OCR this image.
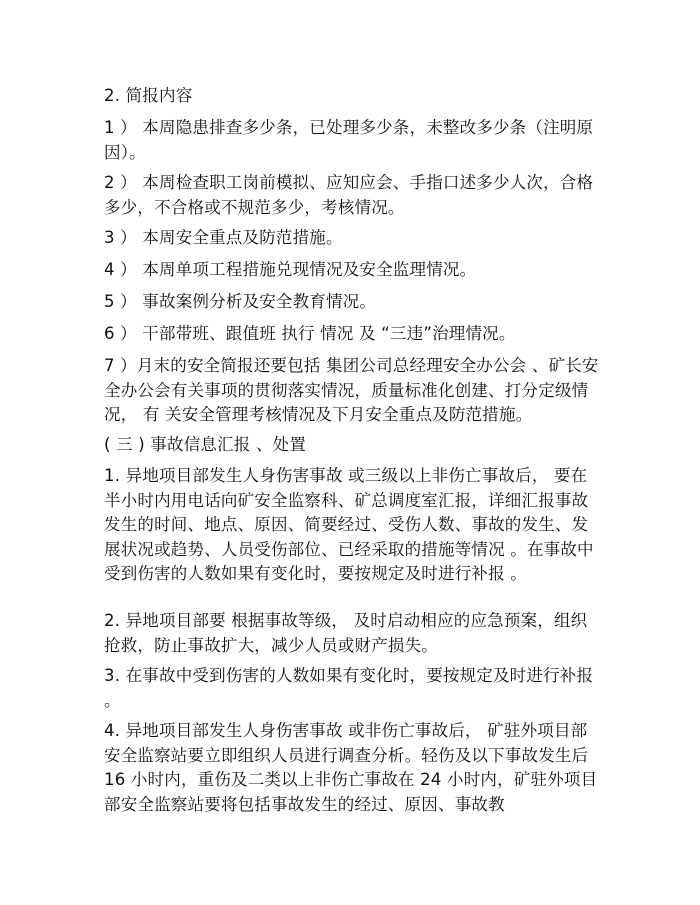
2. 简报内容

1 ） 本周隐患排查多少条，已处理多少条，未整改多少条（注明原因）。

2 ） 本周检查职工岗前模拟、应知应会、手指口述多少人次，合格多少，不合格或不规范多少，考核情况。

3 ） 本周安全重点及防范措施。

4 ） 本周单项工程措施兑现情况及安全监理情况。

5 ） 事故案例分析及安全教育情况。

6 ） 干部带班、跟值班 执行 情况 及 “三违”治理情况。

7 ）月末的安全简报还要包括 集团公司总经理安全办公会 、矿长安全办公会有关事项的贯彻落实情况，质量标准化创建、打分定级情况， 有 关安全管理考核情况及下月安全重点及防范措施。

( 三 ) 事故信息汇报 、处置

1. 异地项目部发生人身伤害事故 或三级以上非伤亡事故后， 要在半小时内用电话向矿安全监察科、矿总调度室汇报，详细汇报事故发生的时间、地点、原因、简要经过、受伤人数、事故的发生、发展状况或趋势、人员受伤部位、已经采取的措施等情况 。在事故中受到伤害的人数如果有变化时，要按规定及时进行补报 。

2. 异地项目部要 根据事故等级， 及时启动相应的应急预案，组织抢救，防止事故扩大，减少人员或财产损失。

3. 在事故中受到伤害的人数如果有变化时，要按规定及时进行补报 。

4. 异地项目部发生人身伤害事故 或非伤亡事故后， 矿驻外项目部安全监察站要立即组织人员进行调查分析。轻伤及以下事故发生后 16 小时内，重伤及二类以上非伤亡事故在 24 小时内，矿驻外项目部安全监察站要将包括事故发生的经过、原因、事故教
